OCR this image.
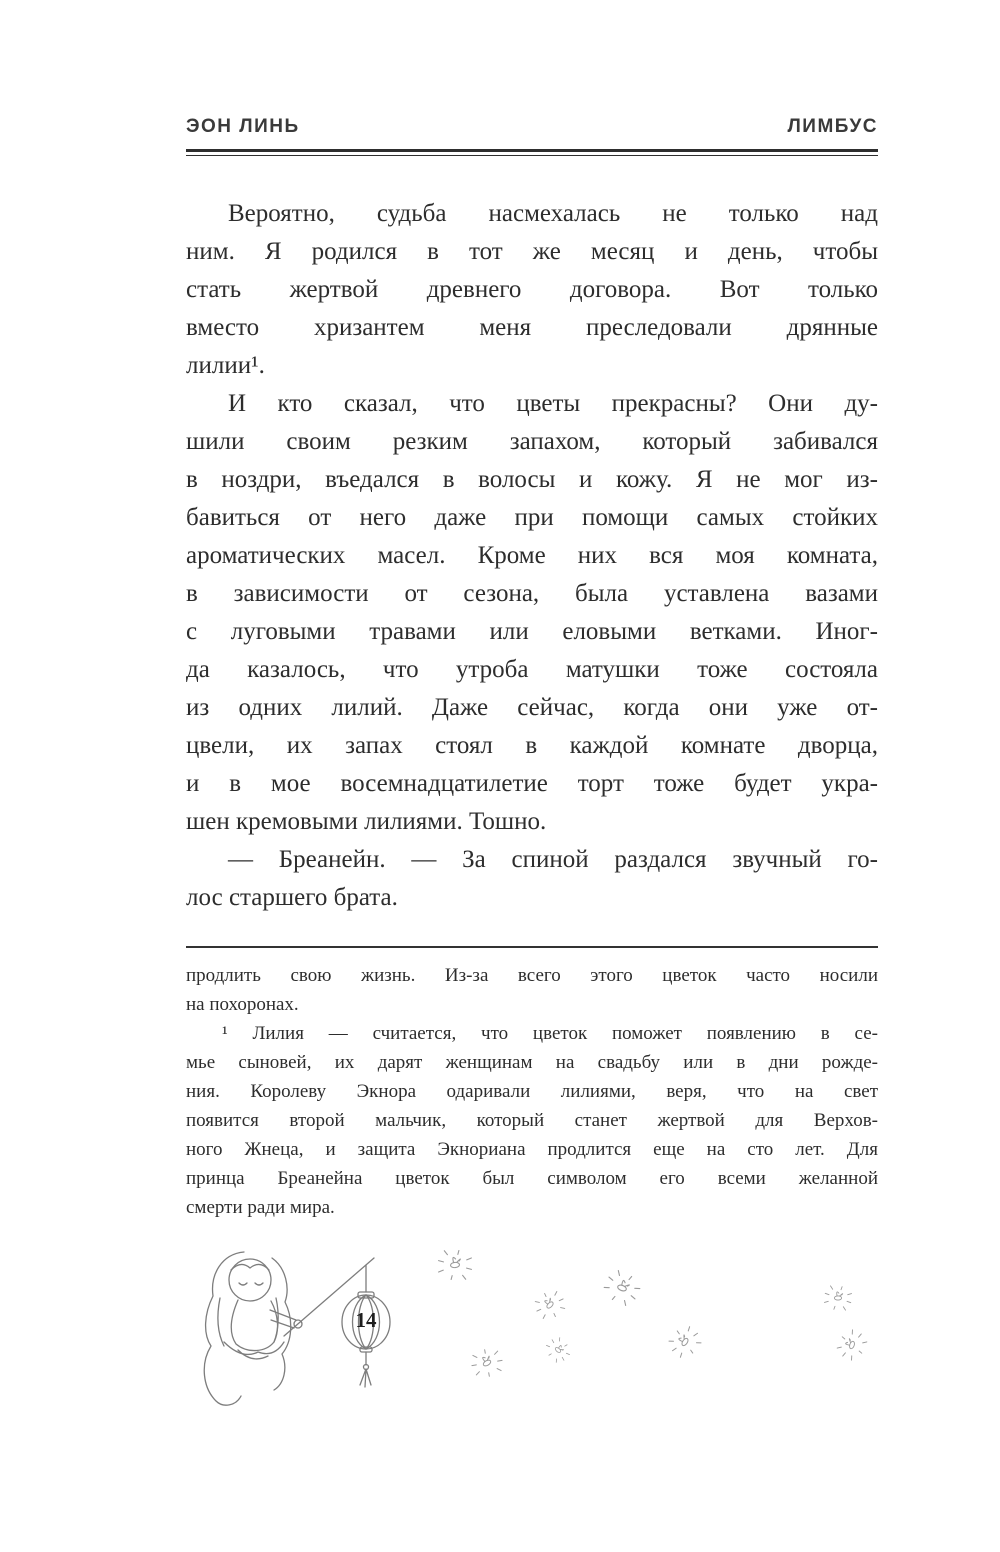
ЭОН ЛИНЬ	ЛИМБУС
Вероятно, судьба насмехалась не только над
ним. Я родился в тот же месяц и день, чтобы
стать жертвой древнего договора. Вот только
вместо хризантем меня преследовали дрянные
лилии¹.
И кто сказал, что цветы прекрасны? Они ду-
шили своим резким запахом, который забивался
в ноздри, въедался в волосы и кожу. Я не мог из-
бавиться от него даже при помощи самых стойких
ароматических масел. Кроме них вся моя комната,
в зависимости от сезона, была уставлена вазами
с луговыми травами или еловыми ветками. Иног-
да казалось, что утроба матушки тоже состояла
из одних лилий. Даже сейчас, когда они уже от-
цвели, их запах стоял в каждой комнате дворца,
и в мое восемнадцатилетие торт тоже будет укра-
шен кремовыми лилиями. Тошно.
— Бреанейн. — За спиной раздался звучный го-
лос старшего брата.
продлить свою жизнь. Из-за всего этого цветок часто носили
на похоронах.
¹ Лилия — считается, что цветок поможет появлению в се-
мье сыновей, их дарят женщинам на свадьбу или в дни рожде-
ния. Королеву Экнора одаривали лилиями, веря, что на свет
появится второй мальчик, который станет жертвой для Верхов-
ного Жнеца, и защита Экнориана продлится еще на сто лет. Для
принца Бреанейна цветок был символом его всеми желанной
смерти ради мира.
14
